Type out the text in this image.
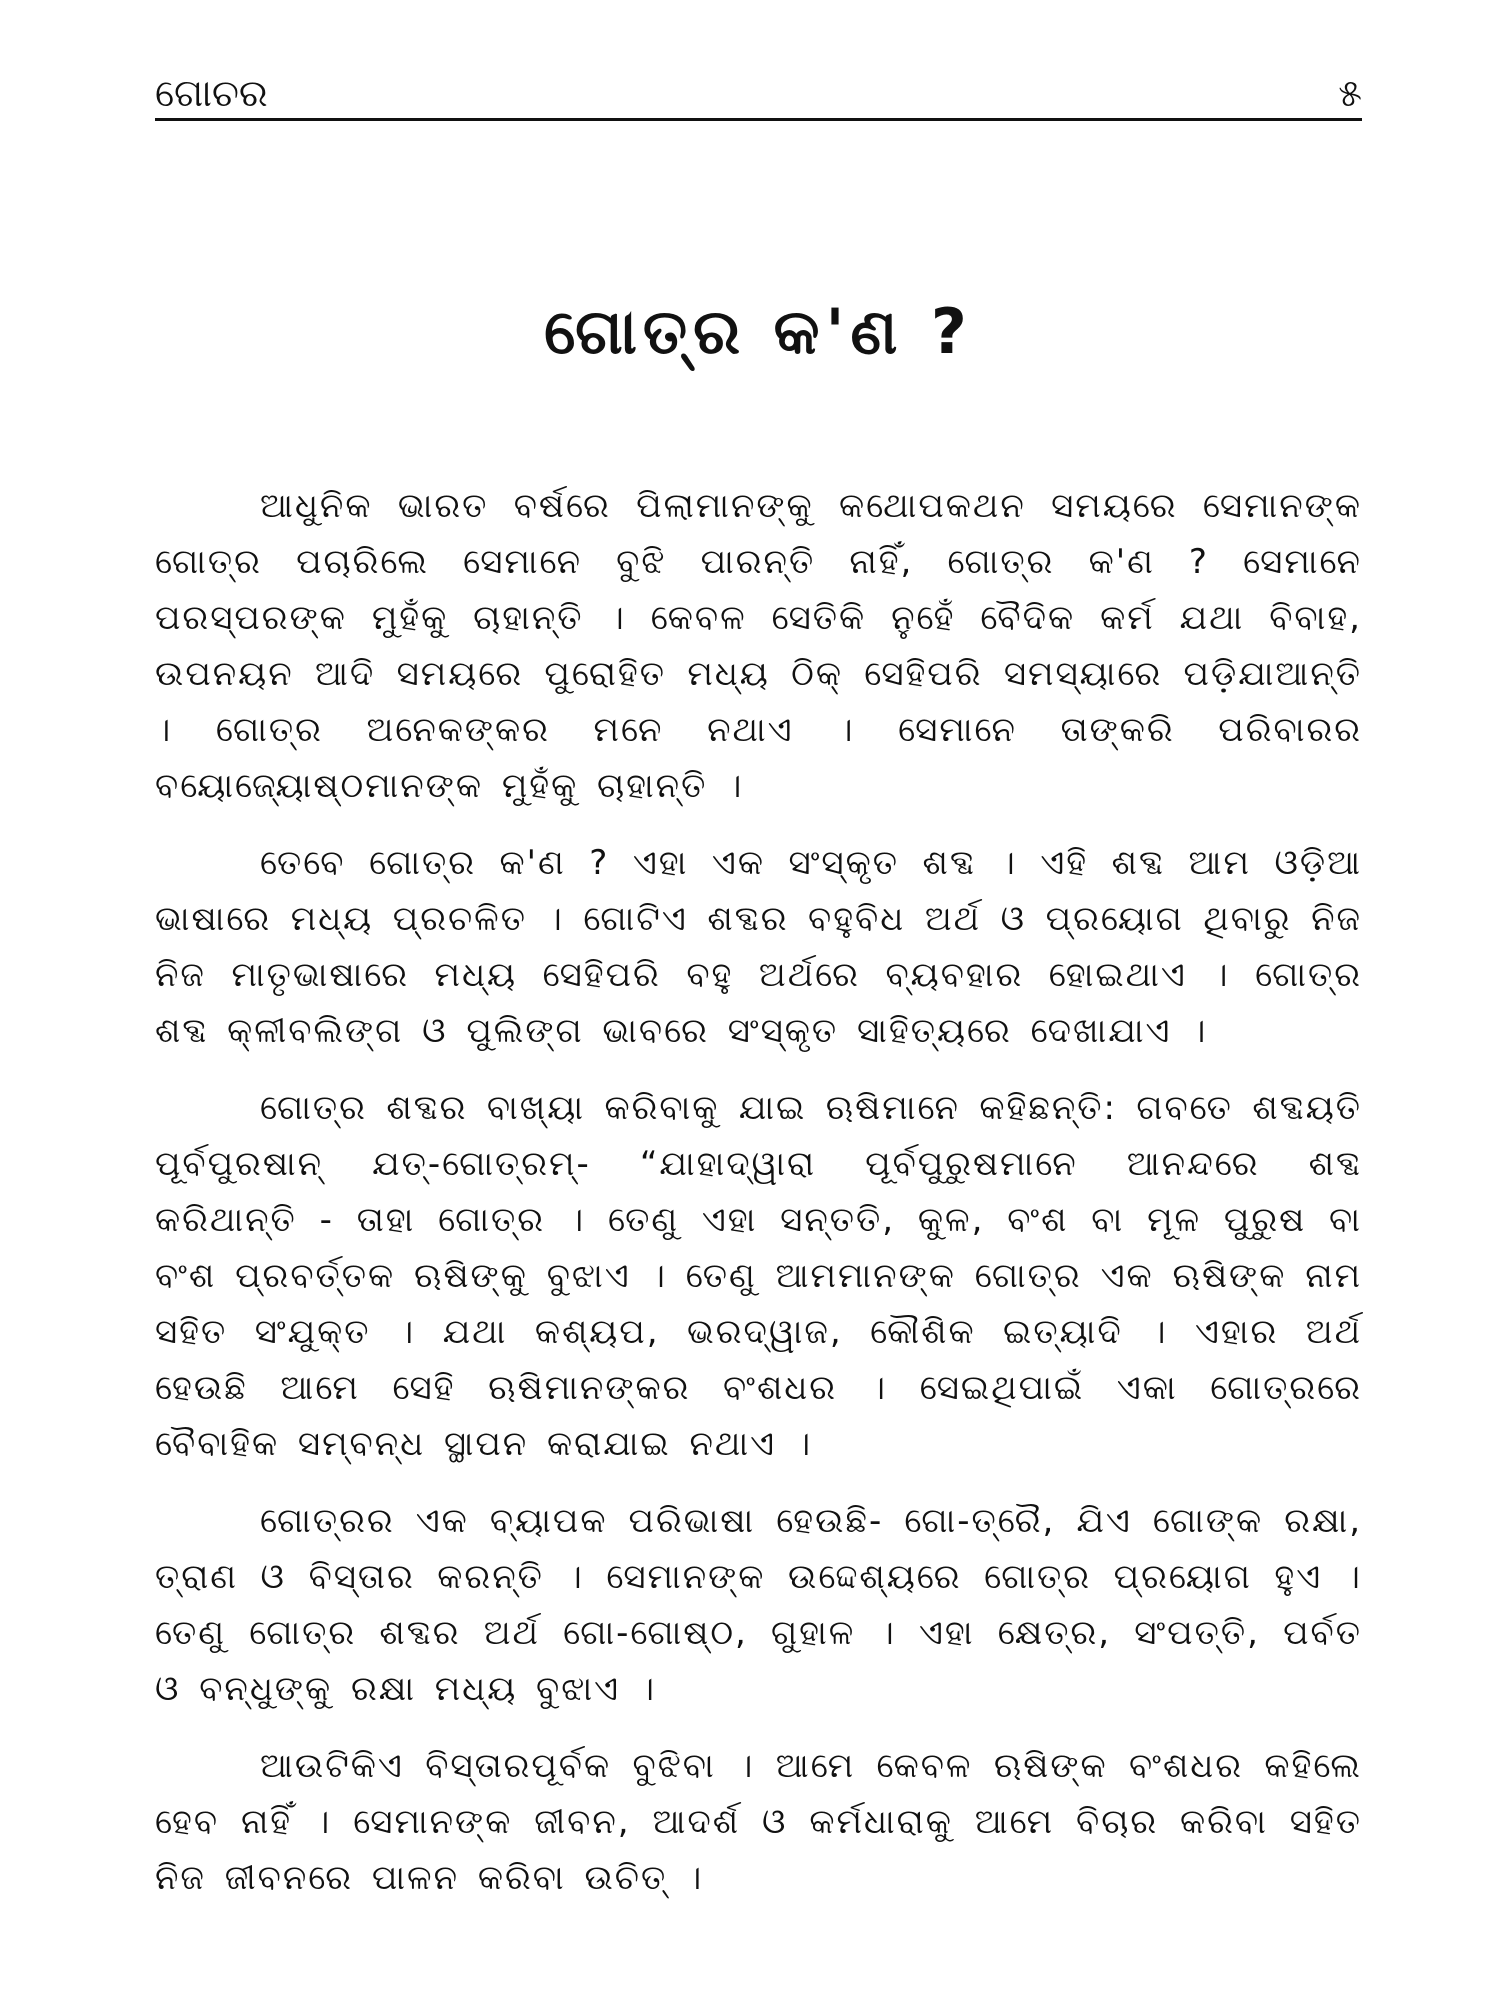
ଗୋଚର	୫
ଗୋତ୍ର କ'ଣ ?

ଆଧୁନିକ ଭାରତ ବର୍ଷରେ ପିଲାମାନଙ୍କୁ କଥୋପକଥନ ସମୟରେ ସେମାନଙ୍କ ଗୋତ୍ର ପଚାରିଲେ ସେମାନେ ବୁଝି ପାରନ୍ତି ନାହିଁ, ଗୋତ୍ର କ'ଣ ? ସେମାନେ ପରସ୍ପରଙ୍କ ମୁହଁକୁ ଚାହାନ୍ତି । କେବଳ ସେତିକି ନୁହେଁ ବୈଦିକ କର୍ମ ଯଥା ବିବାହ, ଉପନୟନ ଆଦି ସମୟରେ ପୁରୋହିତ ମଧ୍ୟ ଠିକ୍ ସେହିପରି ସମସ୍ୟାରେ ପଡ଼ିଯାଆନ୍ତି । ଗୋତ୍ର ଅନେକଙ୍କର ମନେ ନଥାଏ । ସେମାନେ ତାଙ୍କରି ପରିବାରର ବୟୋଜ୍ୟୋଷ୍ଠମାନଙ୍କ ମୁହଁକୁ ଚାହାନ୍ତି ।

ତେବେ ଗୋତ୍ର କ'ଣ ? ଏହା ଏକ ସଂସ୍କୃତ ଶବ୍ଦ । ଏହି ଶବ୍ଦ ଆମ ଓଡ଼ିଆ ଭାଷାରେ ମଧ୍ୟ ପ୍ରଚଳିତ । ଗୋଟିଏ ଶବ୍ଦର ବହୁବିଧ ଅର୍ଥ ଓ ପ୍ରୟୋଗ ଥିବାରୁ ନିଜ ନିଜ ମାତୃଭାଷାରେ ମଧ୍ୟ ସେହିପରି ବହୁ ଅର୍ଥରେ ବ୍ୟବହାର ହୋଇଥାଏ । ଗୋତ୍ର ଶବ୍ଦ କ୍ଳୀବଲିଙ୍ଗ ଓ ପୁଲିଙ୍ଗ ଭାବରେ ସଂସ୍କୃତ ସାହିତ୍ୟରେ ଦେଖାଯାଏ ।

ଗୋତ୍ର ଶବ୍ଦର ବାଖ୍ୟା କରିବାକୁ ଯାଇ ଋଷିମାନେ କହିଛନ୍ତି: ଗବତେ ଶବ୍ଦୟତି ପୂର୍ବପୁରଷାନ୍ ଯତ୍-ଗୋତ୍ରମ୍- “ଯାହାଦ୍ୱାରା ପୂର୍ବପୁରୁଷମାନେ ଆନନ୍ଦରେ ଶବ୍ଦ କରିଥାନ୍ତି - ତାହା ଗୋତ୍ର । ତେଣୁ ଏହା ସନ୍ତତି, କୁଳ, ବଂଶ ବା ମୂଳ ପୁରୁଷ ବା ବଂଶ ପ୍ରବର୍ତ୍ତକ ଋଷିଙ୍କୁ ବୁଝାଏ । ତେଣୁ ଆମମାନଙ୍କ ଗୋତ୍ର ଏକ ଋଷିଙ୍କ ନାମ ସହିତ ସଂଯୁକ୍ତ । ଯଥା କଶ୍ୟପ, ଭରଦ୍ୱାଜ, କୌଶିକ ଇତ୍ୟାଦି । ଏହାର ଅର୍ଥ ହେଉଛି ଆମେ ସେହି ଋଷିମାନଙ୍କର ବଂଶଧର । ସେଇଥିପାଇଁ ଏକା ଗୋତ୍ରରେ ବୈବାହିକ ସମ୍ବନ୍ଧ ସ୍ଥାପନ କରାଯାଇ ନଥାଏ ।

ଗୋତ୍ରର ଏକ ବ୍ୟାପକ ପରିଭାଷା ହେଉଛି- ଗୋ-ତ୍ରୈ, ଯିଏ ଗୋଙ୍କ ରକ୍ଷା, ତ୍ରାଣ ଓ ବିସ୍ତାର କରନ୍ତି । ସେମାନଙ୍କ ଉଦ୍ଦେଶ୍ୟରେ ଗୋତ୍ର ପ୍ରୟୋଗ ହୁଏ । ତେଣୁ ଗୋତ୍ର ଶବ୍ଦର ଅର୍ଥ ଗୋ-ଗୋଷ୍ଠ, ଗୁହାଳ । ଏହା କ୍ଷେତ୍ର, ସଂପତ୍ତି, ପର୍ବତ ଓ ବନ୍ଧୁଙ୍କୁ ରକ୍ଷା ମଧ୍ୟ ବୁଝାଏ ।

ଆଉଟିକିଏ ବିସ୍ତାରପୂର୍ବକ ବୁଝିବା । ଆମେ କେବଳ ଋଷିଙ୍କ ବଂଶଧର କହିଲେ ହେବ ନାହିଁ । ସେମାନଙ୍କ ଜୀବନ, ଆଦର୍ଶ ଓ କର୍ମଧାରାକୁ ଆମେ ବିଚାର କରିବା ସହିତ ନିଜ ଜୀବନରେ ପାଳନ କରିବା ଉଚିତ୍ ।
